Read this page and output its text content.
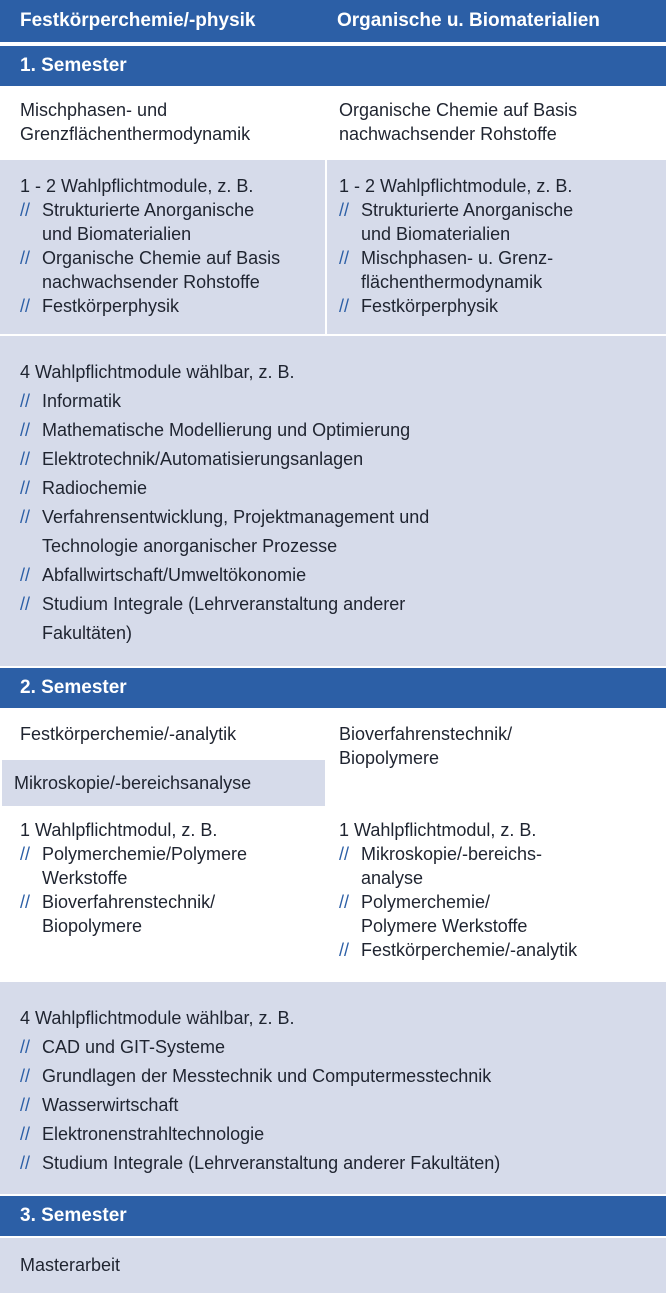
Festkörperchemie/-physik	Organische u. Biomaterialien
1. Semester
Mischphasen- und
Grenzflächenthermodynamik
Organische Chemie auf Basis
nachwachsender Rohstoffe
1 - 2 Wahlpflichtmodule, z. B.
// Strukturierte Anorganische
und Biomaterialien
// Organische Chemie auf Basis
nachwachsender Rohstoffe
// Festkörperphysik
1 - 2 Wahlpflichtmodule, z. B.
// Strukturierte Anorganische
und Biomaterialien
// Mischphasen- u. Grenz-
flächenthermodynamik
// Festkörperphysik
4 Wahlpflichtmodule wählbar, z. B.
// Informatik
// Mathematische Modellierung und Optimierung
// Elektrotechnik/Automatisierungsanlagen
// Radiochemie
// Verfahrensentwicklung, Projektmanagement und
Technologie anorganischer Prozesse
// Abfallwirtschaft/Umweltökonomie
// Studium Integrale (Lehrveranstaltung anderer
Fakultäten)
2. Semester
Festkörperchemie/-analytik	Bioverfahrenstechnik/
Biopolymere
Mikroskopie/-bereichsanalyse
1 Wahlpflichtmodul, z. B.
// Polymerchemie/Polymere
Werkstoffe
// Bioverfahrenstechnik/
Biopolymere
1 Wahlpflichtmodul, z. B.
// Mikroskopie/-bereichs-
analyse
// Polymerchemie/
Polymere Werkstoffe
// Festkörperchemie/-analytik
4 Wahlpflichtmodule wählbar, z. B.
// CAD und GIT-Systeme
// Grundlagen der Messtechnik und Computermesstechnik
// Wasserwirtschaft
// Elektronenstrahltechnologie
// Studium Integrale (Lehrveranstaltung anderer Fakultäten)
3. Semester
Masterarbeit
